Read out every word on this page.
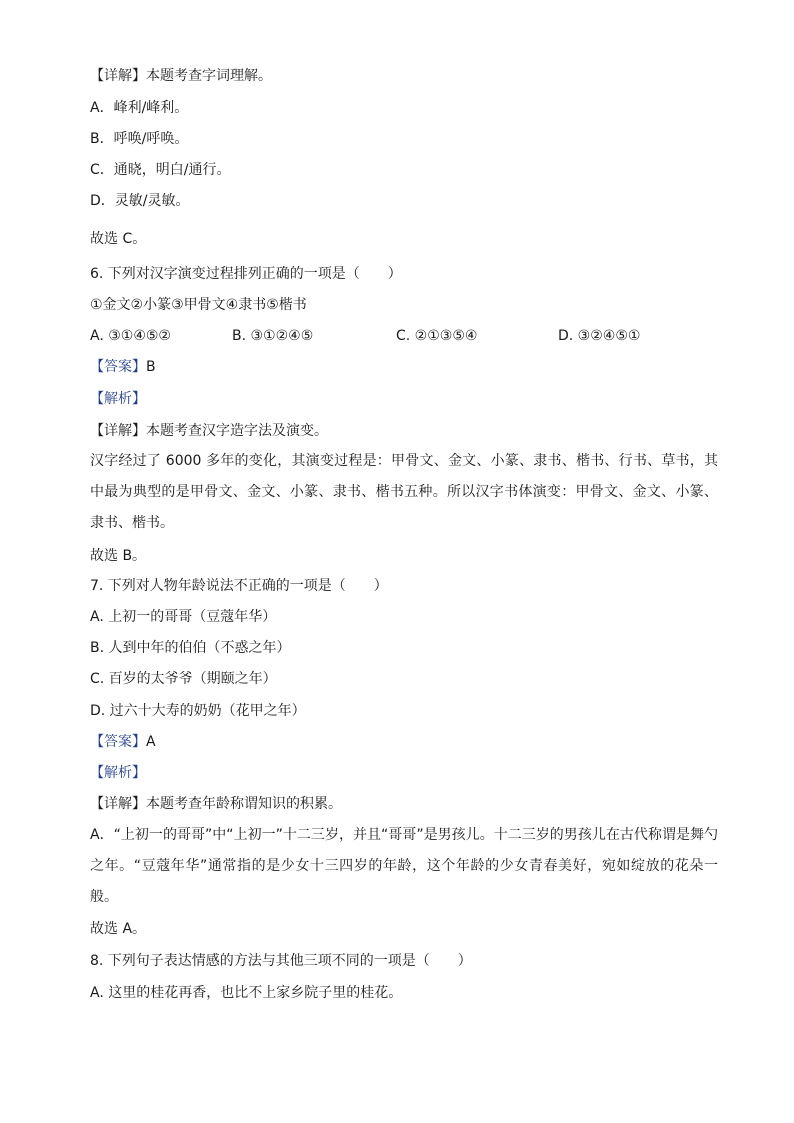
【详解】本题考查字词理解。
A．峰利/峰利。
B．呼唤/呼唤。
C．通晓，明白/通行。
D．灵敏/灵敏。
故选 C。
6. 下列对汉字演变过程排列正确的一项是（　　）
①金文②小篆③甲骨文④隶书⑤楷书
A. ③①④⑤②	B. ③①②④⑤	C. ②①③⑤④	D. ③②④⑤①
【答案】B
【解析】
【详解】本题考查汉字造字法及演变。
汉字经过了 6000 多年的变化，其演变过程是：甲骨文、金文、小篆、隶书、楷书、行书、草书，其中最为典型的是甲骨文、金文、小篆、隶书、楷书五种。所以汉字书体演变：甲骨文、金文、小篆、隶书、楷书。
故选 B。
7. 下列对人物年龄说法不正确的一项是（　　）
A. 上初一的哥哥（豆蔻年华）
B. 人到中年的伯伯（不惑之年）
C. 百岁的太爷爷（期颐之年）
D. 过六十大寿的奶奶（花甲之年）
【答案】A
【解析】
【详解】本题考查年龄称谓知识的积累。
A．“上初一的哥哥”中“上初一”十二三岁，并且“哥哥”是男孩儿。十二三岁的男孩儿在古代称谓是舞勺之年。“豆蔻年华”通常指的是少女十三四岁的年龄，这个年龄的少女青春美好，宛如绽放的花朵一般。
故选 A。
8. 下列句子表达情感的方法与其他三项不同的一项是（　　）
A. 这里的桂花再香，也比不上家乡院子里的桂花。
